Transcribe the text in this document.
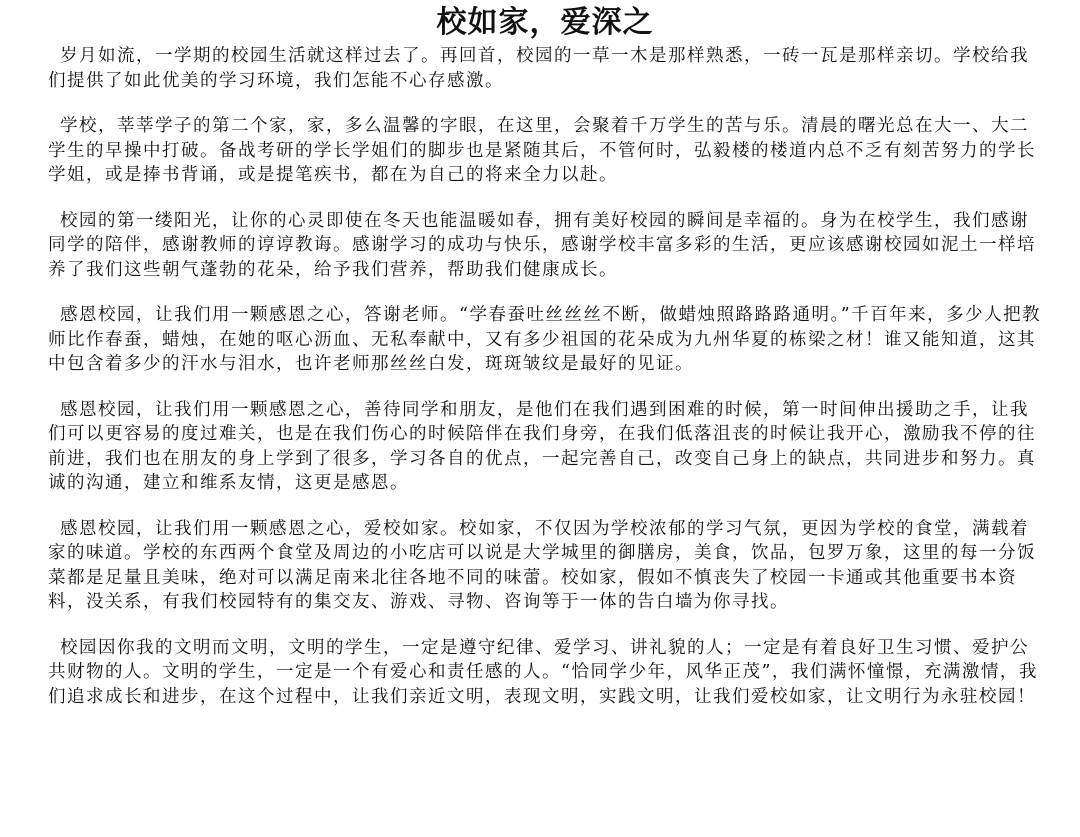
校如家，爱深之

岁月如流，一学期的校园生活就这样过去了。再回首，校园的一草一木是那样熟悉，一砖一瓦是那样亲切。学校给我们提供了如此优美的学习环境，我们怎能不心存感激。

学校，莘莘学子的第二个家，家，多么温馨的字眼，在这里，会聚着千万学生的苦与乐。清晨的曙光总在大一、大二学生的早操中打破。备战考研的学长学姐们的脚步也是紧随其后，不管何时，弘毅楼的楼道内总不乏有刻苦努力的学长学姐，或是捧书背诵，或是提笔疾书，都在为自己的将来全力以赴。

校园的第一缕阳光，让你的心灵即使在冬天也能温暖如春，拥有美好校园的瞬间是幸福的。身为在校学生，我们感谢同学的陪伴，感谢教师的谆谆教诲。感谢学习的成功与快乐，感谢学校丰富多彩的生活，更应该感谢校园如泥土一样培养了我们这些朝气蓬勃的花朵，给予我们营养，帮助我们健康成长。

感恩校园，让我们用一颗感恩之心，答谢老师。“学春蚕吐丝丝丝不断，做蜡烛照路路路通明。”千百年来，多少人把教师比作春蚕，蜡烛，在她的呕心沥血、无私奉献中，又有多少祖国的花朵成为九州华夏的栋梁之材！谁又能知道，这其中包含着多少的汗水与泪水，也许老师那丝丝白发，斑斑皱纹是最好的见证。

感恩校园，让我们用一颗感恩之心，善待同学和朋友，是他们在我们遇到困难的时候，第一时间伸出援助之手，让我们可以更容易的度过难关，也是在我们伤心的时候陪伴在我们身旁，在我们低落沮丧的时候让我开心，激励我不停的往前进，我们也在朋友的身上学到了很多，学习各自的优点，一起完善自己，改变自己身上的缺点，共同进步和努力。真诚的沟通，建立和维系友情，这更是感恩。

感恩校园，让我们用一颗感恩之心，爱校如家。校如家，不仅因为学校浓郁的学习气氛，更因为学校的食堂，满载着家的味道。学校的东西两个食堂及周边的小吃店可以说是大学城里的御膳房，美食，饮品，包罗万象，这里的每一分饭菜都是足量且美味，绝对可以满足南来北往各地不同的味蕾。校如家，假如不慎丧失了校园一卡通或其他重要书本资料，没关系，有我们校园特有的集交友、游戏、寻物、咨询等于一体的告白墙为你寻找。

校园因你我的文明而文明，文明的学生，一定是遵守纪律、爱学习、讲礼貌的人；一定是有着良好卫生习惯、爱护公共财物的人。文明的学生，一定是一个有爱心和责任感的人。“恰同学少年，风华正茂”，我们满怀憧憬，充满激情，我们追求成长和进步，在这个过程中，让我们亲近文明，表现文明，实践文明，让我们爱校如家，让文明行为永驻校园！
